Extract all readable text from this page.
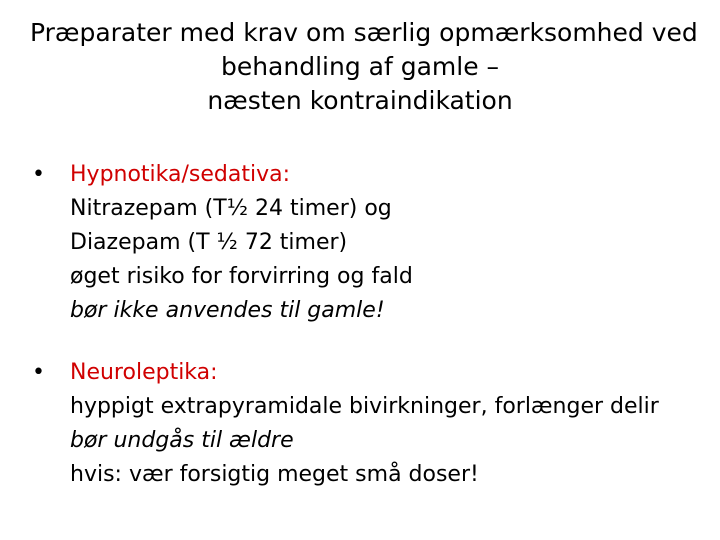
Præparater med krav om særlig opmærksomhed ved
behandling af gamle –
næsten kontraindikation
•	Hypnotika/sedativa:
Nitrazepam (T½ 24 timer) og
Diazepam (T ½ 72 timer)
øget risiko for forvirring og fald
bør ikke anvendes til gamle!
•	Neuroleptika:
hyppigt extrapyramidale bivirkninger, forlænger delir
bør undgås til ældre
hvis: vær forsigtig meget små doser!
